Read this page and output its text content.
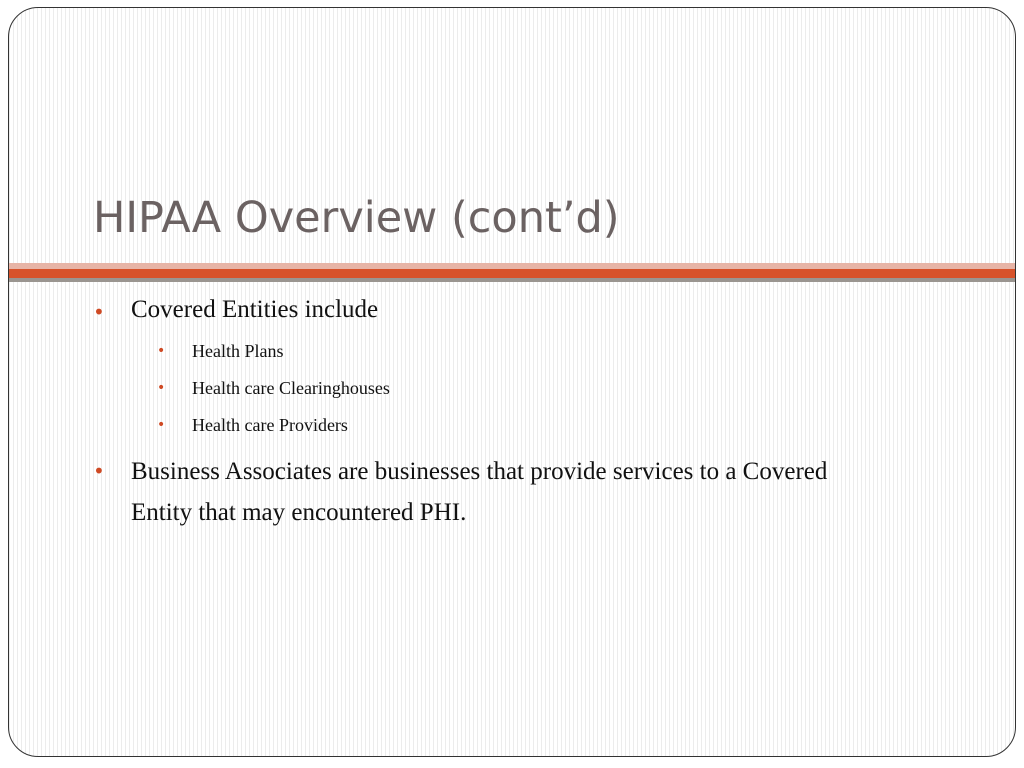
HIPAA Overview (cont’d)
• Covered Entities include
• Health Plans
• Health care Clearinghouses
• Health care Providers
• Business Associates are businesses that provide services to a Covered Entity that may encountered PHI.
